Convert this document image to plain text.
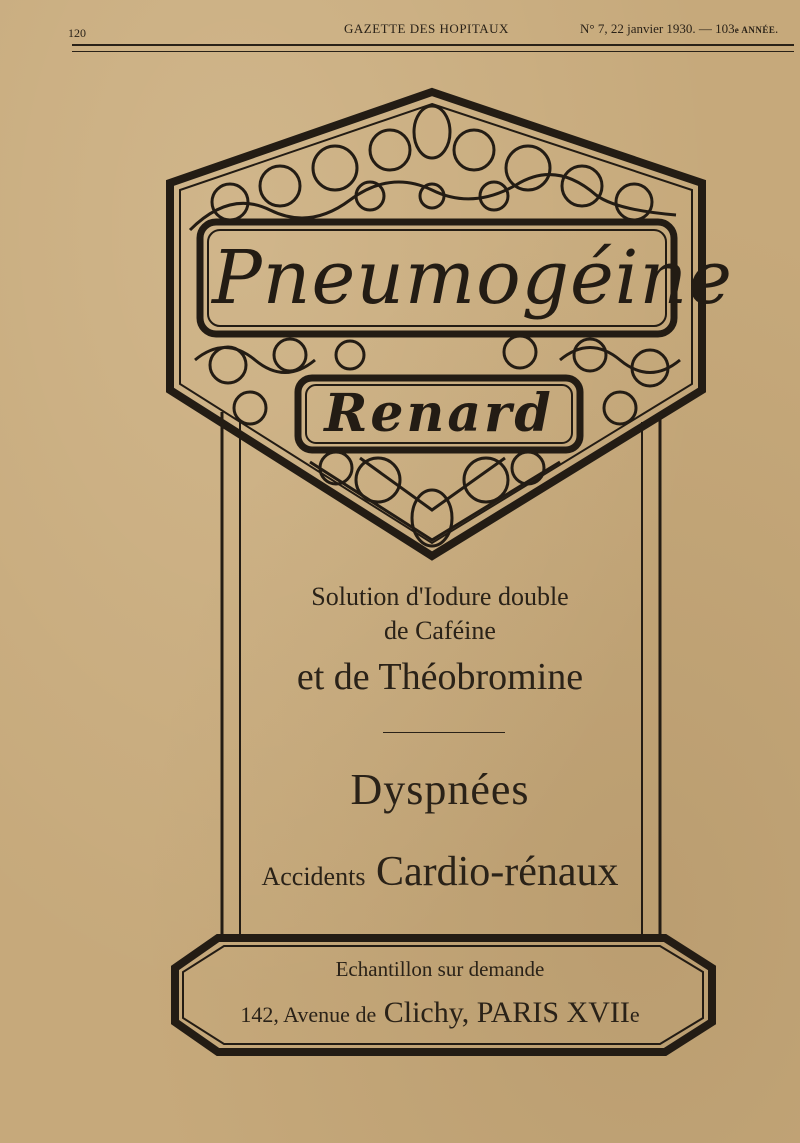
120	GAZETTE DES HOPITAUX	N° 7, 22 janvier 1930. — 103e ANNÉE.
Pneumogéine
Renard
Solution d'Iodure double
de Caféine
et de Théobromine
Dyspnées
Accidents Cardio-rénaux
Echantillon sur demande
142, Avenue de Clichy, PARIS XVIIe
